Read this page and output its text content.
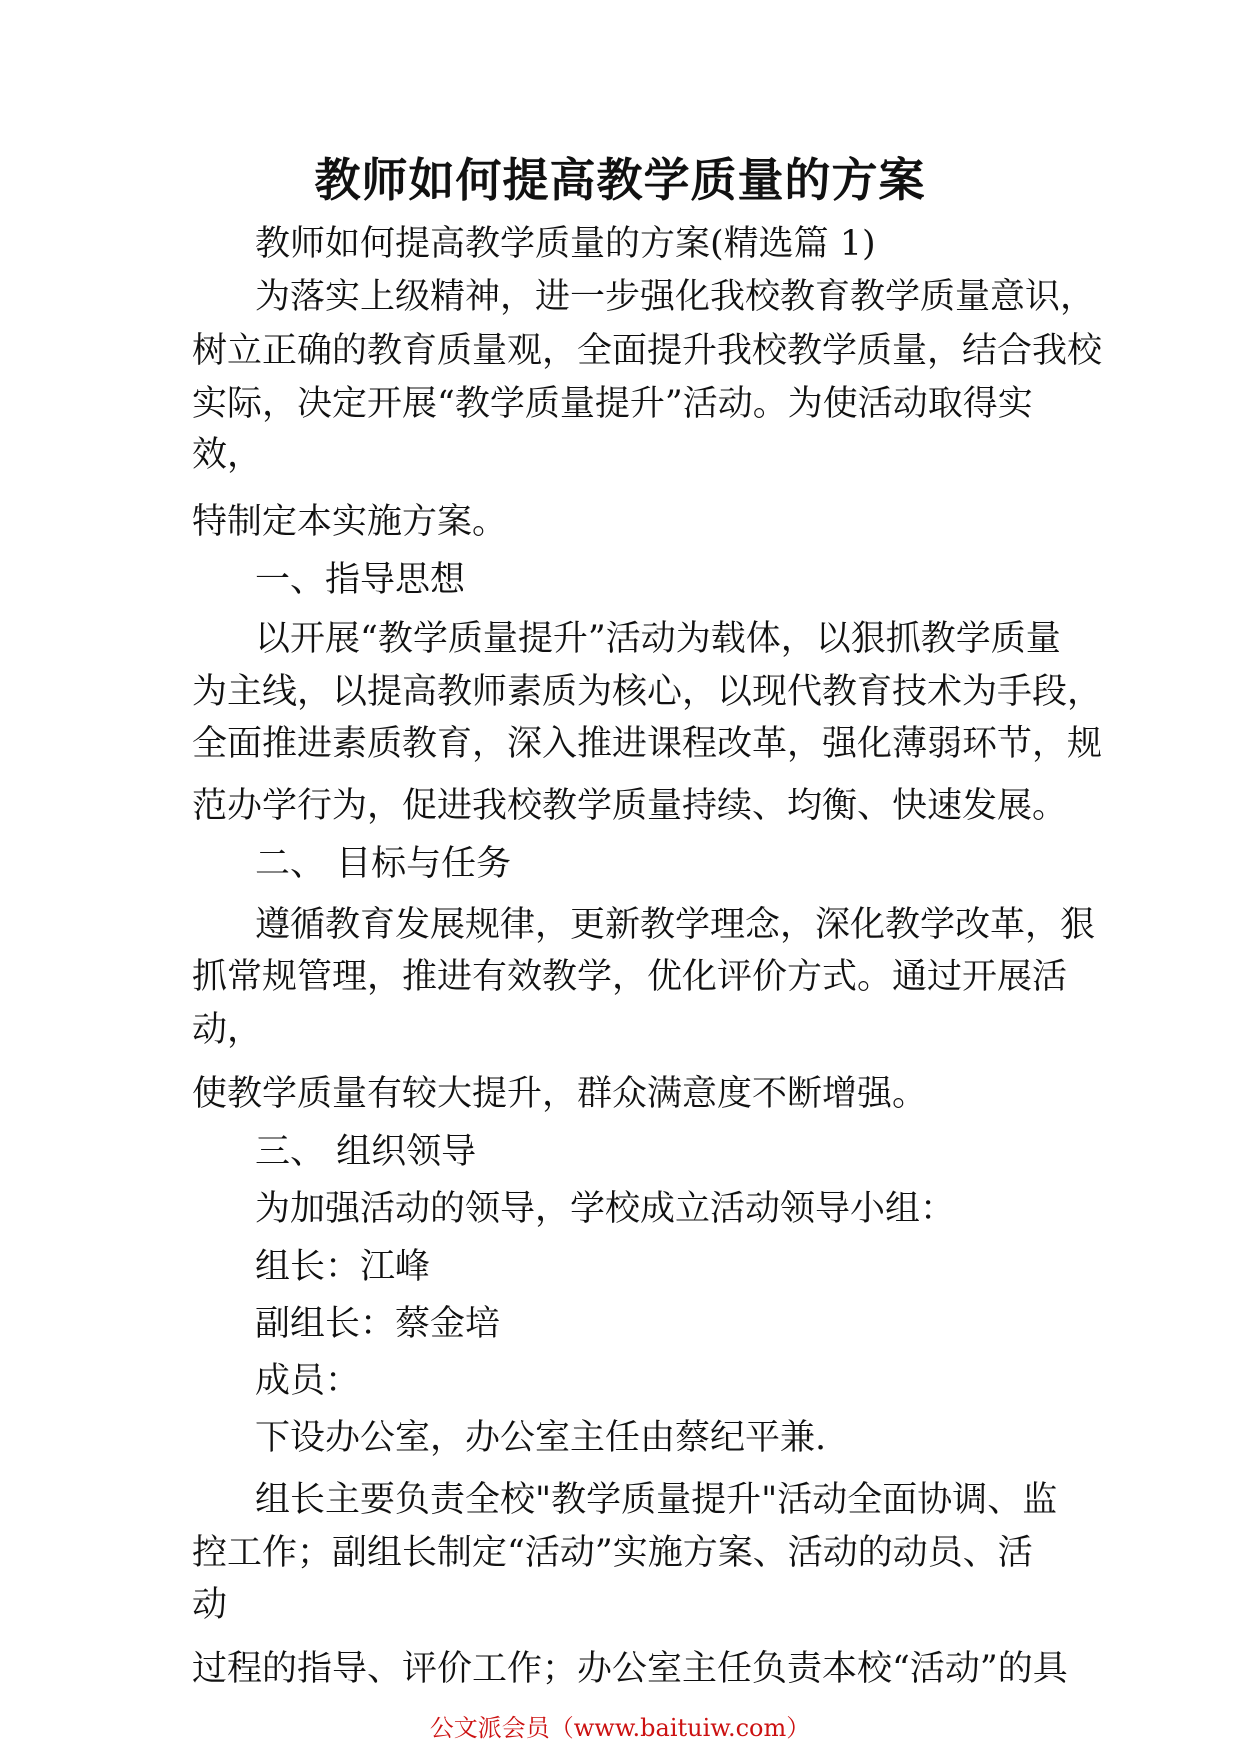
教师如何提高教学质量的方案
教师如何提高教学质量的方案(精选篇 1)
为落实上级精神，进一步强化我校教育教学质量意识，
树立正确的教育质量观，全面提升我校教学质量，结合我校
实际，决定开展“教学质量提升”活动。为使活动取得实
效，
特制定本实施方案。
一、指导思想
以开展“教学质量提升”活动为载体，以狠抓教学质量
为主线，以提高教师素质为核心，以现代教育技术为手段，
全面推进素质教育，深入推进课程改革，强化薄弱环节，规
范办学行为，促进我校教学质量持续、均衡、快速发展。
二、 目标与任务
遵循教育发展规律，更新教学理念，深化教学改革，狠
抓常规管理，推进有效教学，优化评价方式。通过开展活
动，
使教学质量有较大提升，群众满意度不断增强。
三、 组织领导
为加强活动的领导，学校成立活动领导小组：
组长：江峰
副组长：蔡金培
成员：
下设办公室，办公室主任由蔡纪平兼.
组长主要负责全校"教学质量提升"活动全面协调、监
控工作；副组长制定“活动”实施方案、活动的动员、活
动
过程的指导、评价工作；办公室主任负责本校“活动”的具
公文派会员（www.baituiw.com）
